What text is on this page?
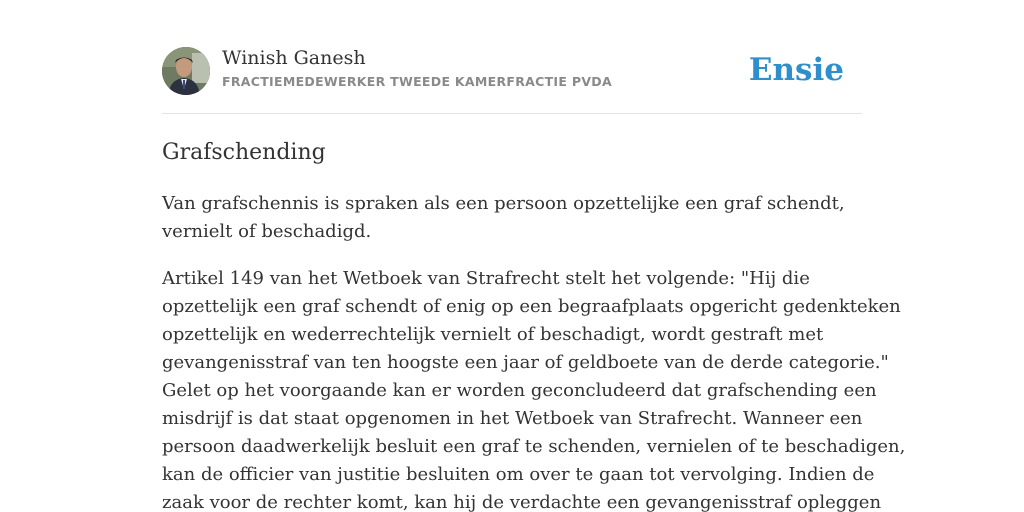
Winish Ganesh
FRACTIEMEDEWERKER TWEEDE KAMERFRACTIE PVDA	Ensie
Grafschending

Van grafschennis is spraken als een persoon opzettelijke een graf schendt,
vernielt of beschadigd.

Artikel 149 van het Wetboek van Strafrecht stelt het volgende: "Hij die
opzettelijk een graf schendt of enig op een begraafplaats opgericht gedenkteken
opzettelijk en wederrechtelijk vernielt of beschadigt, wordt gestraft met
gevangenisstraf van ten hoogste een jaar of geldboete van de derde categorie."
Gelet op het voorgaande kan er worden geconcludeerd dat grafschending een
misdrijf is dat staat opgenomen in het Wetboek van Strafrecht. Wanneer een
persoon daadwerkelijk besluit een graf te schenden, vernielen of te beschadigen,
kan de officier van justitie besluiten om over te gaan tot vervolging. Indien de
zaak voor de rechter komt, kan hij de verdachte een gevangenisstraf opleggen
